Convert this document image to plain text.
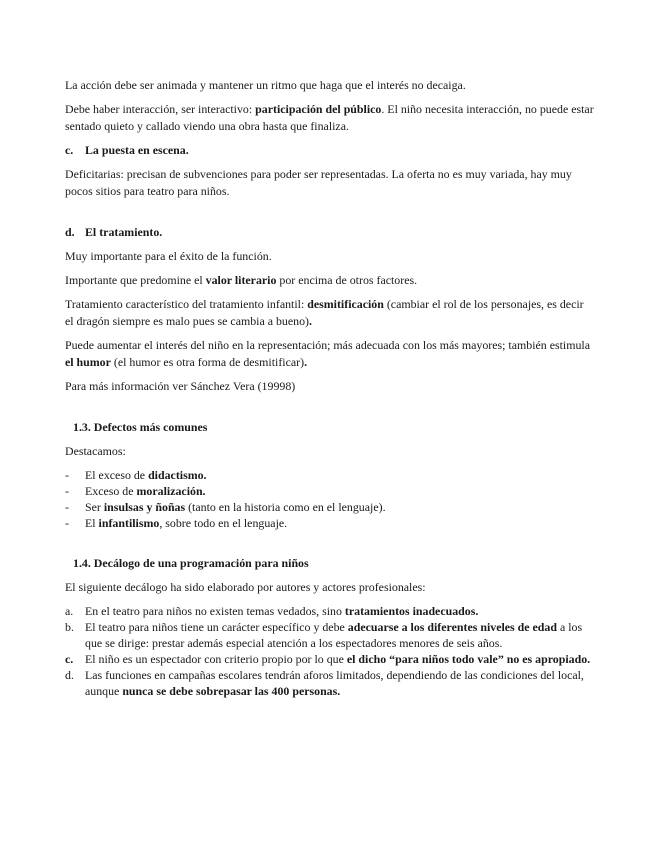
La acción debe ser animada y mantener un ritmo que haga que el interés no decaiga.

Debe haber interacción, ser interactivo: participación del público. El niño necesita interacción, no puede estar sentado quieto y callado viendo una obra hasta que finaliza.

c. La puesta en escena.

Deficitarias: precisan de subvenciones para poder ser representadas. La oferta no es muy variada, hay muy pocos sitios para teatro para niños.

d. El tratamiento.

Muy importante para el éxito de la función.

Importante que predomine el valor literario por encima de otros factores.

Tratamiento característico del tratamiento infantil: desmitificación (cambiar el rol de los personajes, es decir el dragón siempre es malo pues se cambia a bueno).

Puede aumentar el interés del niño en la representación; más adecuada con los más mayores; también estimula el humor (el humor es otra forma de desmitificar).

Para más información ver Sánchez Vera (19998)

1.3. Defectos más comunes

Destacamos:

- El exceso de didactismo.
- Exceso de moralización.
- Ser insulsas y ñoñas (tanto en la historia como en el lenguaje).
- El infantilismo, sobre todo en el lenguaje.
1.4. Decálogo de una programación para niños

El siguiente decálogo ha sido elaborado por autores y actores profesionales:

a. En el teatro para niños no existen temas vedados, sino tratamientos inadecuados.
b. El teatro para niños tiene un carácter específico y debe adecuarse a los diferentes niveles de edad a los que se dirige: prestar además especial atención a los espectadores menores de seis años.
c. El niño es un espectador con criterio propio por lo que el dicho “para niños todo vale” no es apropiado.
d. Las funciones en campañas escolares tendrán aforos limitados, dependiendo de las condiciones del local, aunque nunca se debe sobrepasar las 400 personas.
